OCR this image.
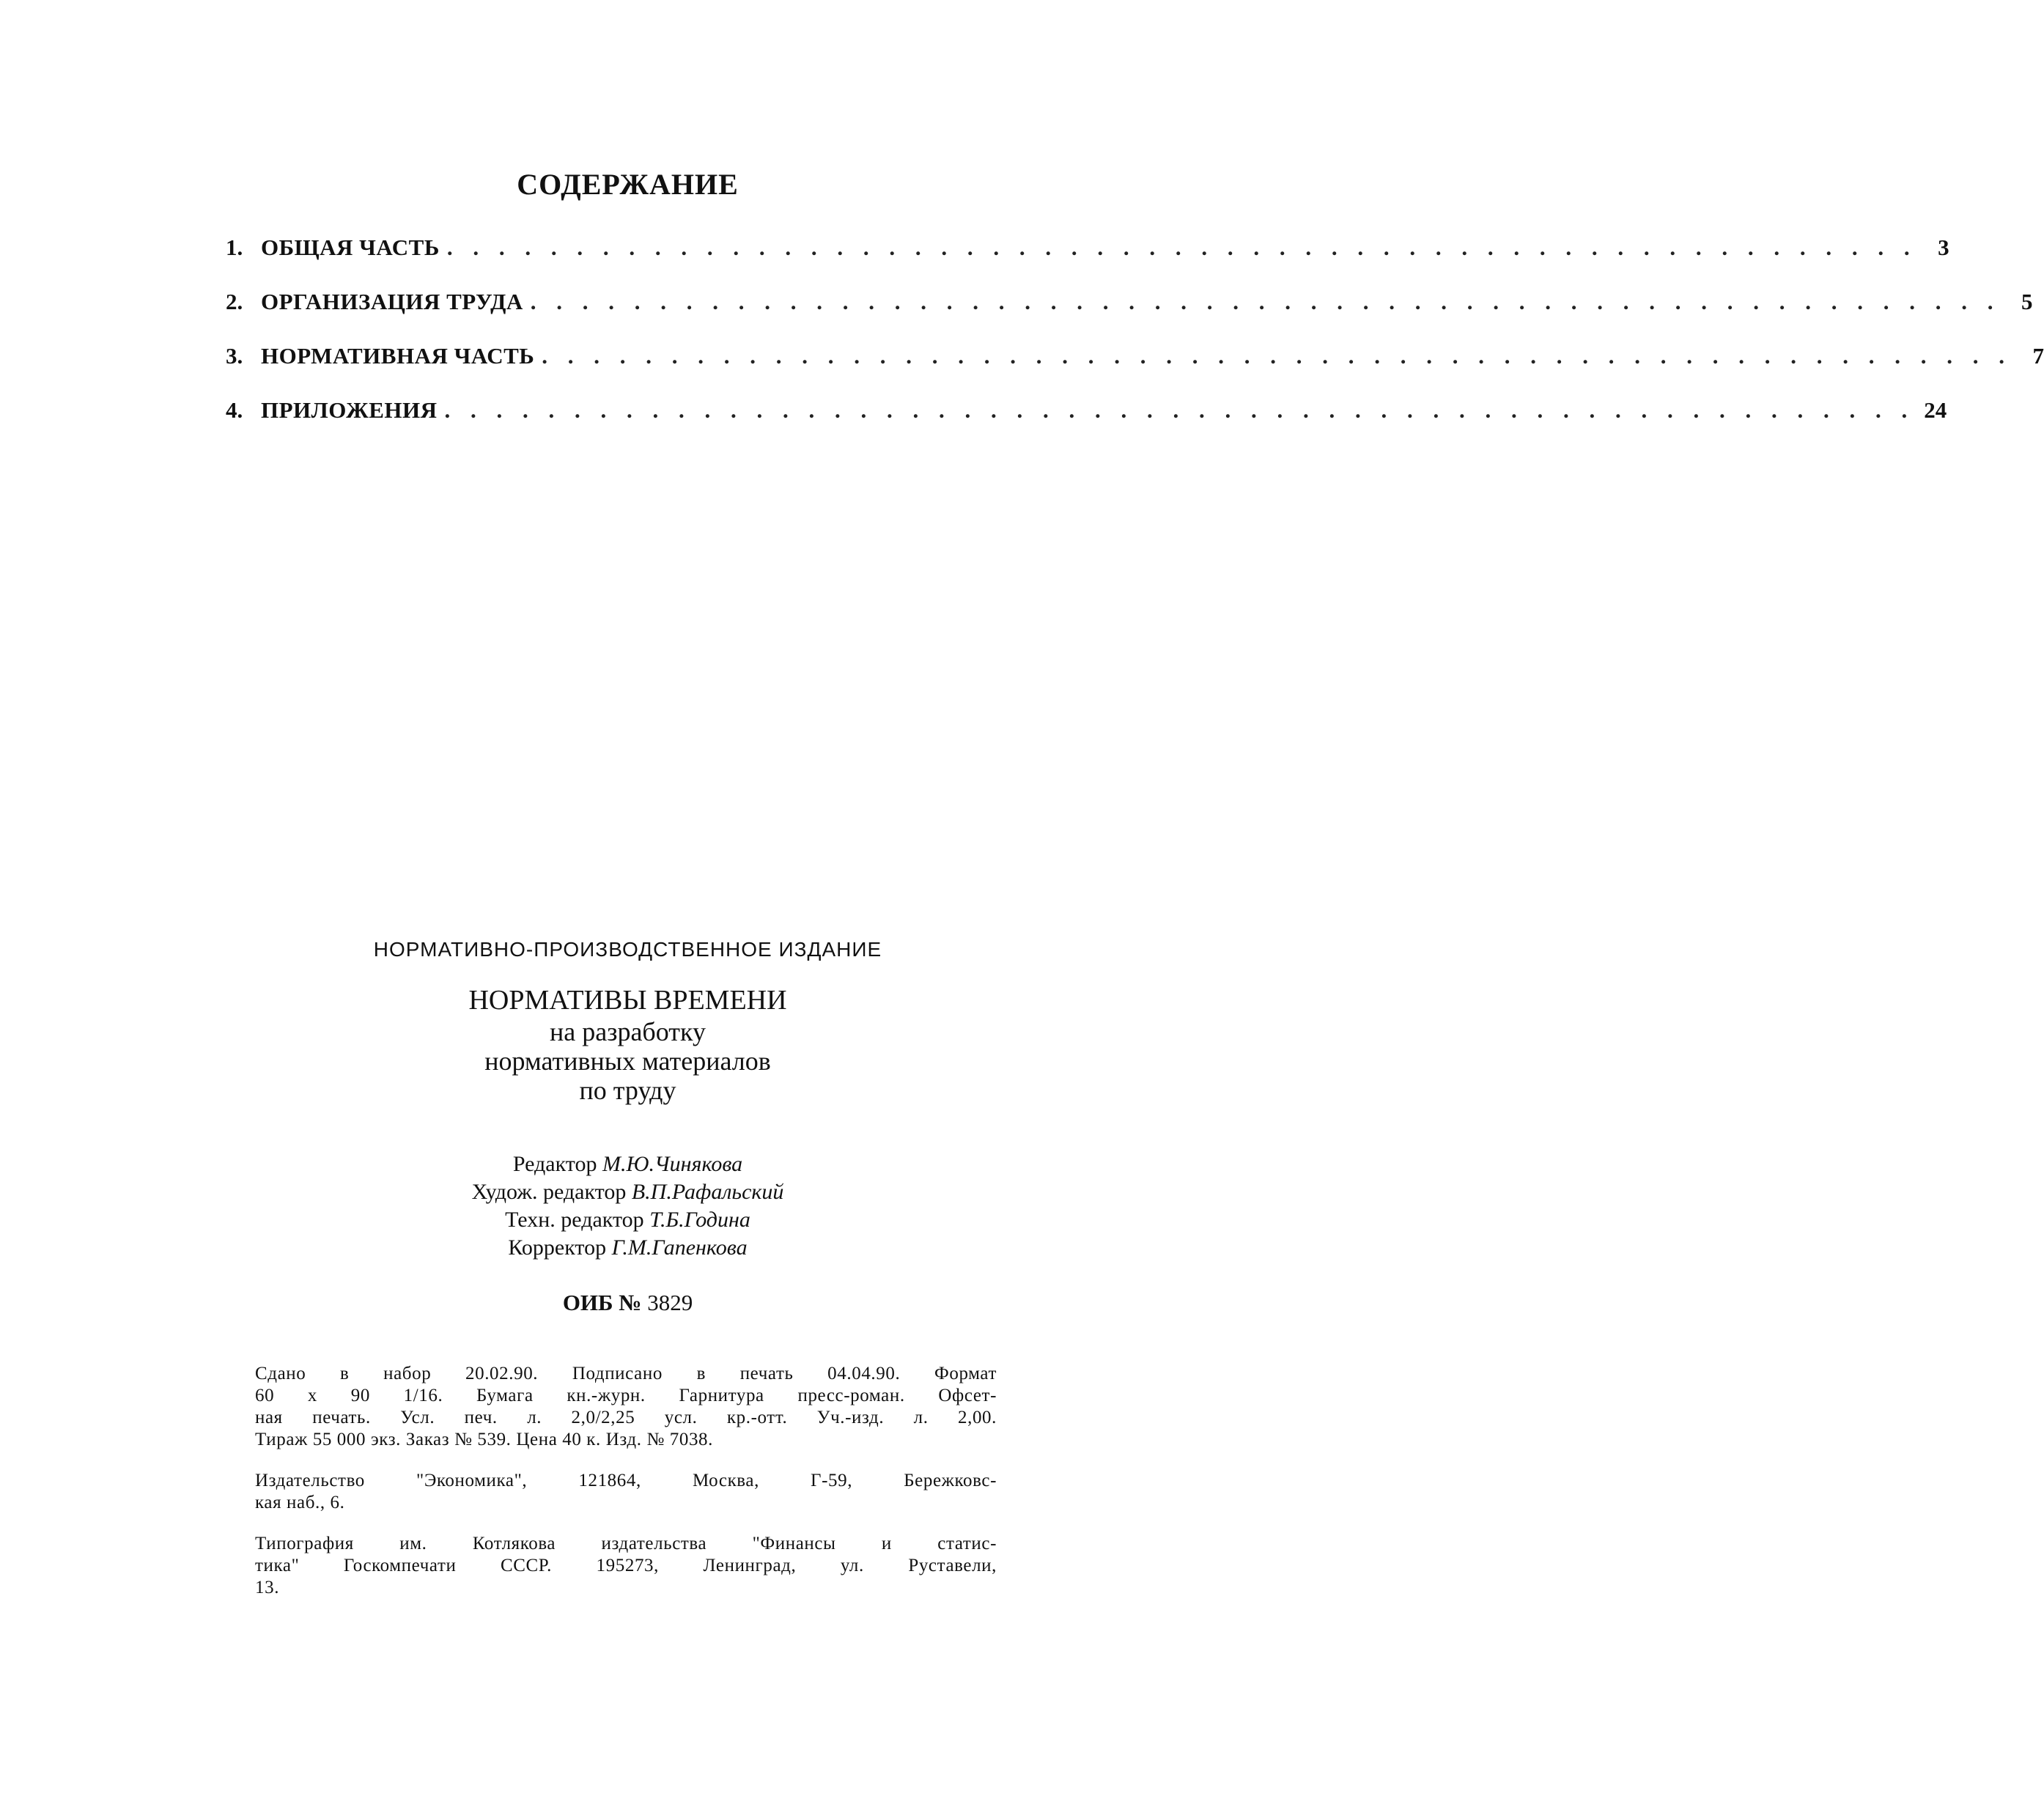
СОДЕРЖАНИЕ
1. ОБЩАЯ ЧАСТЬ . . . . . . . . . . . . . . . . . . . . . . . . . . . . . . . . . . . . . . . . . . . . . . . . . . . . . . . . . 3
2. ОРГАНИЗАЦИЯ ТРУДА . . . . . . . . . . . . . . . . . . . . . . . . . . . . . . . . . . . . . . . . . . . . . . . . . . . . . . . . . 5
3. НОРМАТИВНАЯ ЧАСТЬ . . . . . . . . . . . . . . . . . . . . . . . . . . . . . . . . . . . . . . . . . . . . . . . . . . . . . . . . . 7
4. ПРИЛОЖЕНИЯ . . . . . . . . . . . . . . . . . . . . . . . . . . . . . . . . . . . . . . . . . . . . . . . . . . . . . . . . . 24
НОРМАТИВНО-ПРОИЗВОДСТВЕННОЕ ИЗДАНИЕ
НОРМАТИВЫ ВРЕМЕНИ
на разработку
нормативных материалов
по труду
Редактор М.Ю.Чинякова
Худож. редактор В.П.Рафальский
Техн. редактор Т.Б.Година
Корректор Г.М.Гапенкова
ОИБ № 3829

Сдано в набор 20.02.90. Подписано в печать 04.04.90. Формат
60 х 90 1/16. Бумага кн.-журн. Гарнитура пресс-роман. Офсет-
ная печать. Усл. печ. л. 2,0/2,25 усл. кр.-отт. Уч.-изд. л. 2,00.
Тираж 55 000 экз. Заказ № 539. Цена 40 к. Изд. № 7038.

Издательство "Экономика", 121864, Москва, Г-59, Бережковс-
кая наб., 6.

Типография им. Котлякова издательства "Финансы и статис-
тика" Госкомпечати СССР. 195273, Ленинград, ул. Руставели,
13.
